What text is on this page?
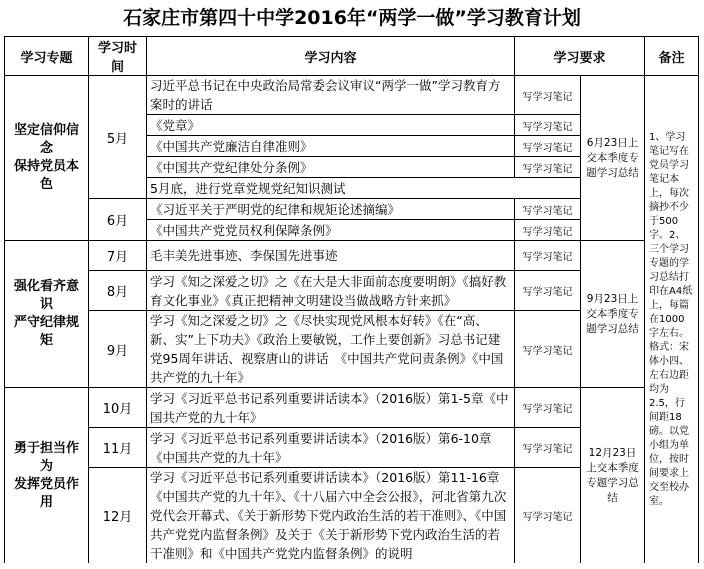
石家庄市第四十中学2016年“两学一做”学习教育计划
学习专题	学习时间	学习内容	学习要求		备注

坚定信仰信念
保持党员本色	5月	习近平总书记在中央政治局常委会议审议“两学一做”学习教育方案时的讲话	写学习笔记	6月23日上交本季度专题学习总结	1、学习笔记写在党员学习笔记本上，每次摘抄不少于500字。2、三个学习专题的学习总结打印在A4纸上，每篇在1000字左右。格式：宋体小四、左右边距均为2.5，行间距18磅。以党小组为单位，按时间要求上交至校办室。
		《党章》	写学习笔记		
		《中国共产党廉洁自律准则》	写学习笔记		
		《中国共产党纪律处分条例》	写学习笔记		
		5月底，进行党章党规党纪知识测试			
	6月	《习近平关于严明党的纪律和规矩论述摘编》	写学习笔记		
		《中国共产党党员权利保障条例》	写学习笔记		

强化看齐意识
严守纪律规矩	7月	毛丰美先进事迹、李保国先进事迹	写学习笔记	9月23日上交本季度专题学习总结	
	8月	学习《知之深爱之切》之《在大是大非面前态度要明朗》《搞好教育文化事业》《真正把精神文明建设当做战略方针来抓》	写学习笔记		
	9月	学习《知之深爱之切》之《尽快实现党风根本好转》《在“高、新、实”上下功夫》《政治上要敏锐，工作上要创新》习总书记建党95周年讲话、视察唐山的讲话　《中国共产党问责条例》《中国共产党的九十年》	写学习笔记		

勇于担当作为
发挥党员作用	10月	学习《习近平总书记系列重要讲话读本》（2016版）第1-5章《中国共产党的九十年》	写学习笔记	12月23日上交本季度专题学习总结	
	11月	学习《习近平总书记系列重要讲话读本》（2016版）第6-10章《中国共产党的九十年》	写学习笔记		
	12月	学习《习近平总书记系列重要讲话读本》（2016版）第11-16章《中国共产党的九十年》、《十八届六中全会公报》，河北省第九次党代会开幕式、《关于新形势下党内政治生活的若干准则》、《中国共产党党内监督条例》及关于《关于新形势下党内政治生活的若干准则》和《中国共产党党内监督条例》的说明	写学习笔记		
